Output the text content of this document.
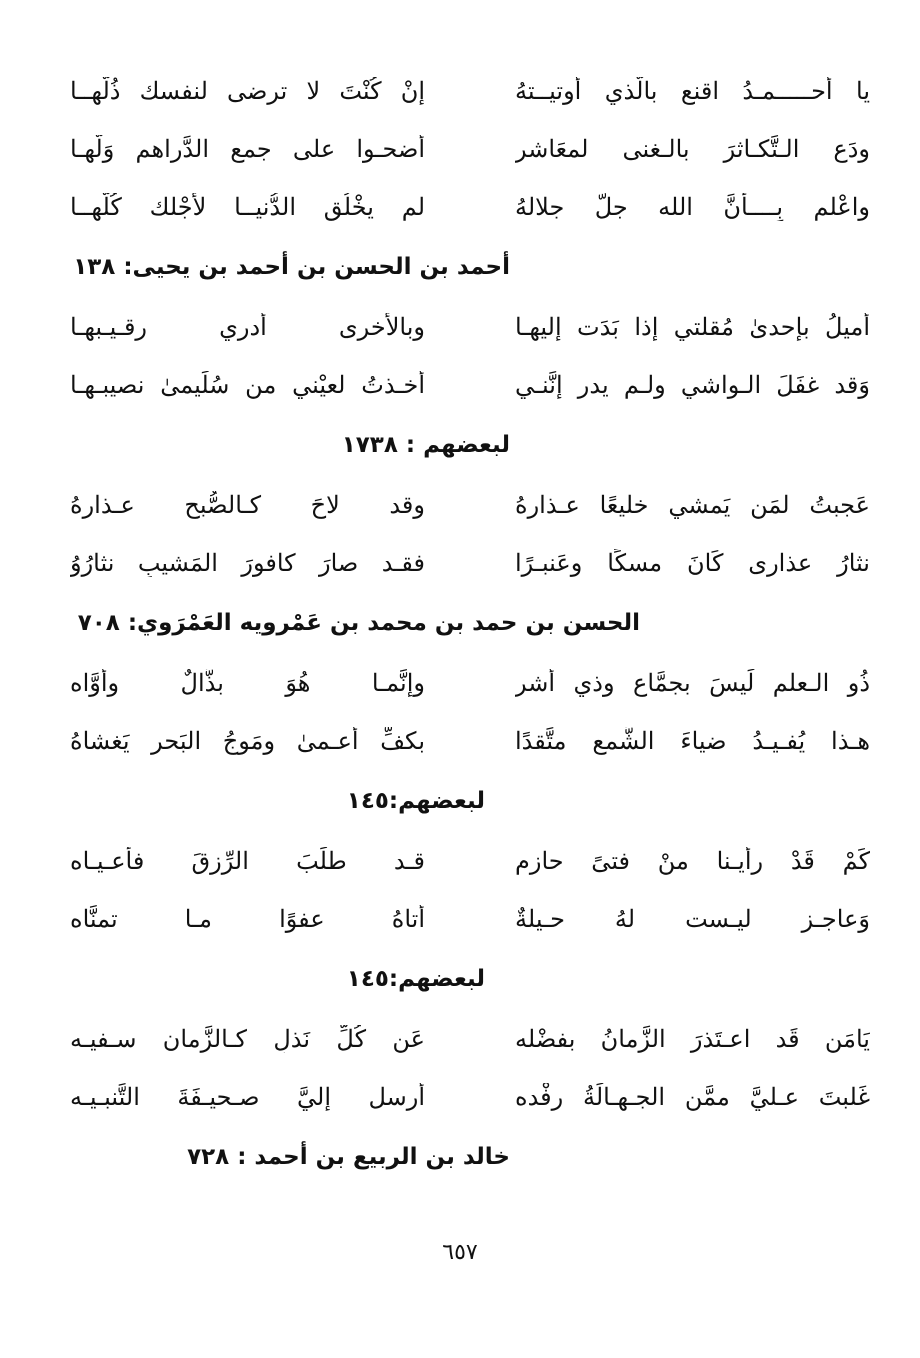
يا أحـــــمـدُ اقنع بالَّذي أوتيــتهُ
إنْ كُنْتَ لا ترضى لنفسك ذُلَّهــا
ودَع الـتَّكـاثرَ بالـغنى لمعَاشرٍ
أضحـوا على جمعِ الدَّراهمِ وَلَّهـا
واعْلم بِــــأنَّ الله جلّ جلالهُ
لم يخْلُق الدُّنيــا لأجْلك كُلَّهــا
أحمد بن الحسن بن أحمد بن يحيى: ١٣٨
أميلُ بإحدىٰ مُقلتي إذا بَدَت إليهـا
وبالأخرى أدري رقـيـبهـا
وَقد غفَلَ الـواشي ولـم يدر إنَّنـي
أخـذتُ لعيْني من سُلَيمىٰ نصيبـهـا
لبعضهم : ١٧٣٨
عَجبتُ لمَن يَمشي خليعًا عـذارهُ
وقد لاحَ كـالصُّبحِ عـذارهُ
نثارُ عذارى كَانَ مسكًا وعَنبـرًا
فقـد صارَ كافورَ المَشيبِ نثارُوُ
الحسن بن حمد بن محمد بن عَمْرويه العَمْرَوي: ٧٠٨
ذُو الـعلمِ لَيسَ بجمَّاعٍ وذي أشرٍ
وإنَّمـا هُوَ بذَّالٌ وأوَّاه
هـذا يُفـيـدُ ضياءَ الشَّمعِ متَّقدًا
بكفِّ أعـمىٰ ومَوجُ البَحرِ يَغشاهُ
لبعضهم:١٤٥
كَمْ قَدْ رأيـنا منْ فتىً حازمٍ
قـد طلَبَ الرِّزقَ فأعـيـاه
وَعاجـزٍ ليـست لهُ حـيلةٌ
أتاهُ عفوًا مـا تمنَّاه
لبعضهم:١٤٥
يَامَن قَد اعـتَذرَ الزَّمانُ بفضْله
عَن كُلِّ نَذلٍ كـالزَّمانِ سـفيـه
غَلبتَ عـليَّ ممَّن الجـهـالَةُ رِفْده
أرسل إليَّ صـحيـفَةَ التَّنبـيـه
خالد بن الربيع بن أحمد : ٧٢٨
٦٥٧
